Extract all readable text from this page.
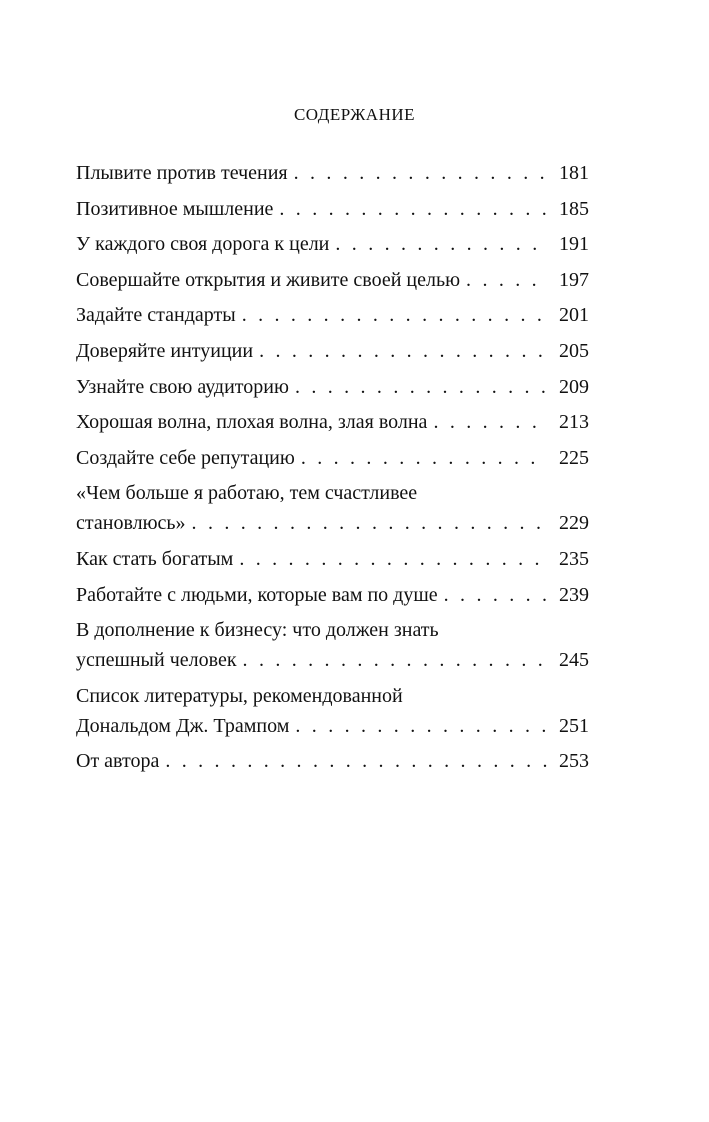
СОДЕРЖАНИЕ
Плывите против течения . . .	181
Позитивное мышление . . .	185
У каждого своя дорога к цели . . .	191
Совершайте открытия и живите своей целью . . .	197
Задайте стандарты . . .	201
Доверяйте интуиции . . .	205
Узнайте свою аудиторию . . .	209
Хорошая волна, плохая волна, злая волна . . .	213
Создайте себе репутацию . . .	225
«Чем больше я работаю, тем счастливее
становлюсь» . . .	229
Как стать богатым . . .	235
Работайте с людьми, которые вам по душе . . .	239
В дополнение к бизнесу: что должен знать
успешный человек . . .	245
Список литературы, рекомендованной
Дональдом Дж. Трампом . . .	251
От автора . . .	253
